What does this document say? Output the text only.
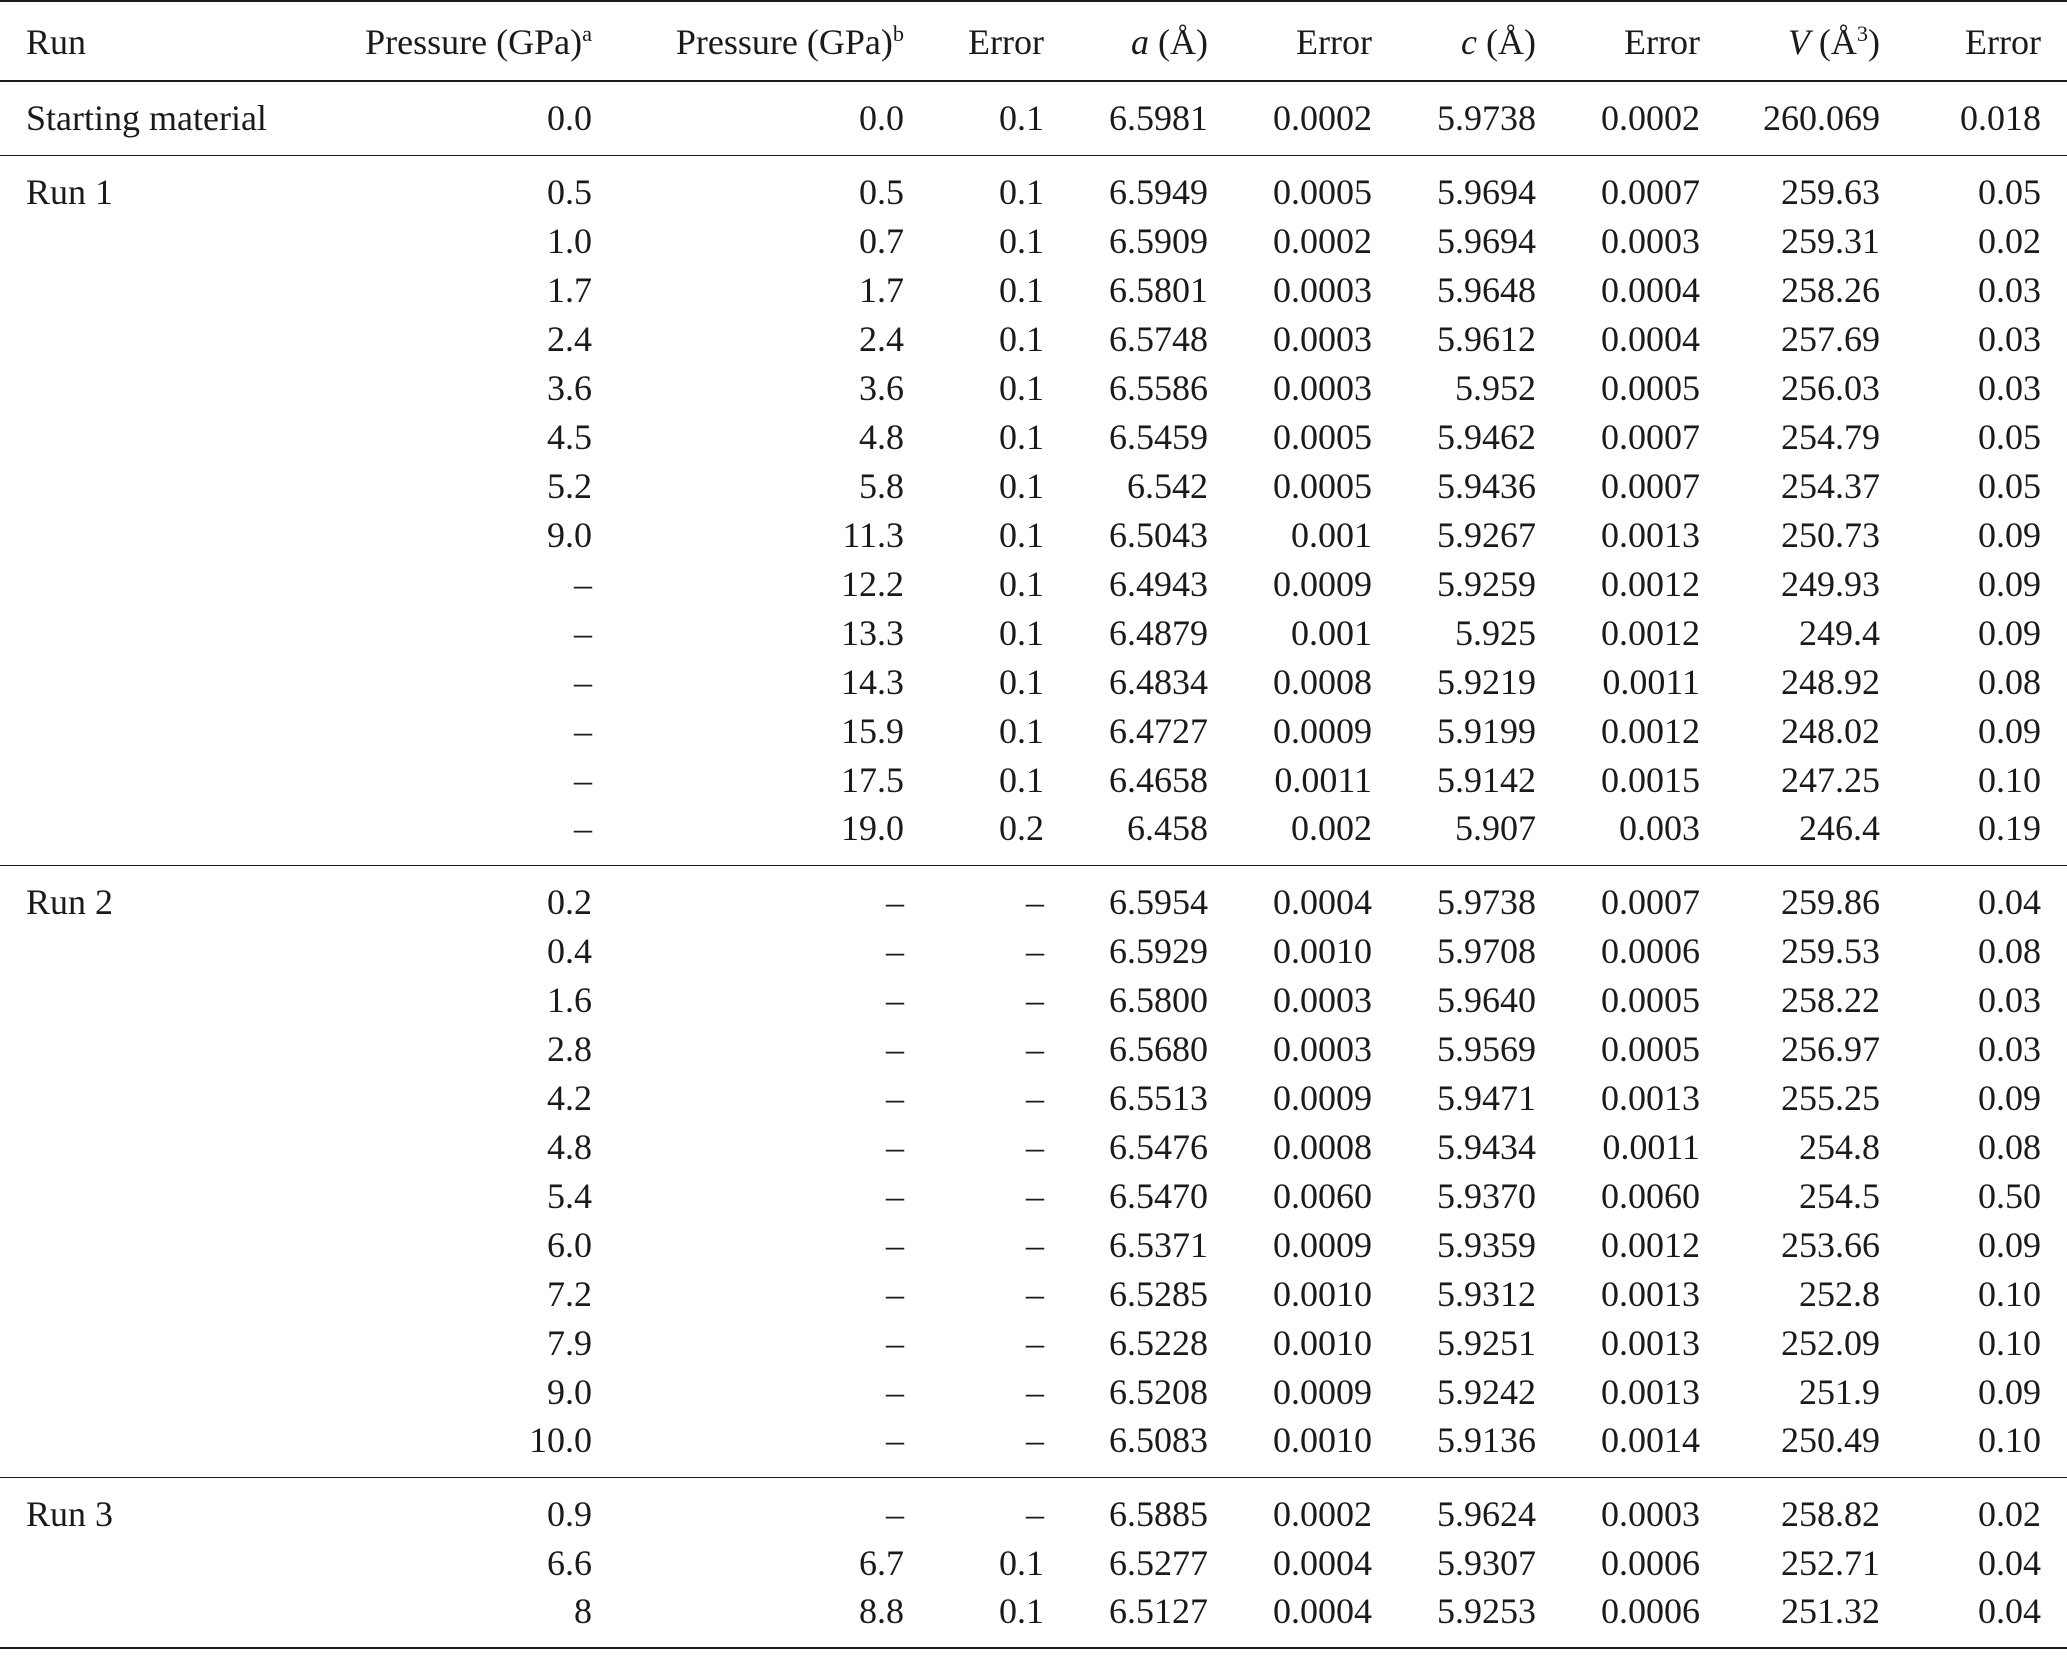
Run	Pressure (GPa)$^a$	Pressure (GPa)$^b$	Error	a (Å)	Error	c (Å)	Error	V $(Å^3)$	Error
Starting material	0.0	0.0	0.1	6.5981	0.0002	5.9738	0.0002	260.069	0.018
Run 1	0.5	0.5	0.1	6.5949	0.0005	5.9694	0.0007	259.63	0.05
	1.0	0.7	0.1	6.5909	0.0002	5.9694	0.0003	259.31	0.02
	1.7	1.7	0.1	6.5801	0.0003	5.9648	0.0004	258.26	0.03
	2.4	2.4	0.1	6.5748	0.0003	5.9612	0.0004	257.69	0.03
	3.6	3.6	0.1	6.5586	0.0003	5.952	0.0005	256.03	0.03
	4.5	4.8	0.1	6.5459	0.0005	5.9462	0.0007	254.79	0.05
	5.2	5.8	0.1	6.542	0.0005	5.9436	0.0007	254.37	0.05
	9.0	11.3	0.1	6.5043	0.001	5.9267	0.0013	250.73	0.09
	–	12.2	0.1	6.4943	0.0009	5.9259	0.0012	249.93	0.09
	–	13.3	0.1	6.4879	0.001	5.925	0.0012	249.4	0.09
	–	14.3	0.1	6.4834	0.0008	5.9219	0.0011	248.92	0.08
	–	15.9	0.1	6.4727	0.0009	5.9199	0.0012	248.02	0.09
	–	17.5	0.1	6.4658	0.0011	5.9142	0.0015	247.25	0.10
	–	19.0	0.2	6.458	0.002	5.907	0.003	246.4	0.19
Run 2	0.2	–	–	6.5954	0.0004	5.9738	0.0007	259.86	0.04
	0.4	–	–	6.5929	0.0010	5.9708	0.0006	259.53	0.08
	1.6	–	–	6.5800	0.0003	5.9640	0.0005	258.22	0.03
	2.8	–	–	6.5680	0.0003	5.9569	0.0005	256.97	0.03
	4.2	–	–	6.5513	0.0009	5.9471	0.0013	255.25	0.09
	4.8	–	–	6.5476	0.0008	5.9434	0.0011	254.8	0.08
	5.4	–	–	6.5470	0.0060	5.9370	0.0060	254.5	0.50
	6.0	–	–	6.5371	0.0009	5.9359	0.0012	253.66	0.09
	7.2	–	–	6.5285	0.0010	5.9312	0.0013	252.8	0.10
	7.9	–	–	6.5228	0.0010	5.9251	0.0013	252.09	0.10
	9.0	–	–	6.5208	0.0009	5.9242	0.0013	251.9	0.09
	10.0	–	–	6.5083	0.0010	5.9136	0.0014	250.49	0.10
Run 3	0.9	–	–	6.5885	0.0002	5.9624	0.0003	258.82	0.02
	6.6	6.7	0.1	6.5277	0.0004	5.9307	0.0006	252.71	0.04
	8	8.8	0.1	6.5127	0.0004	5.9253	0.0006	251.32	0.04
